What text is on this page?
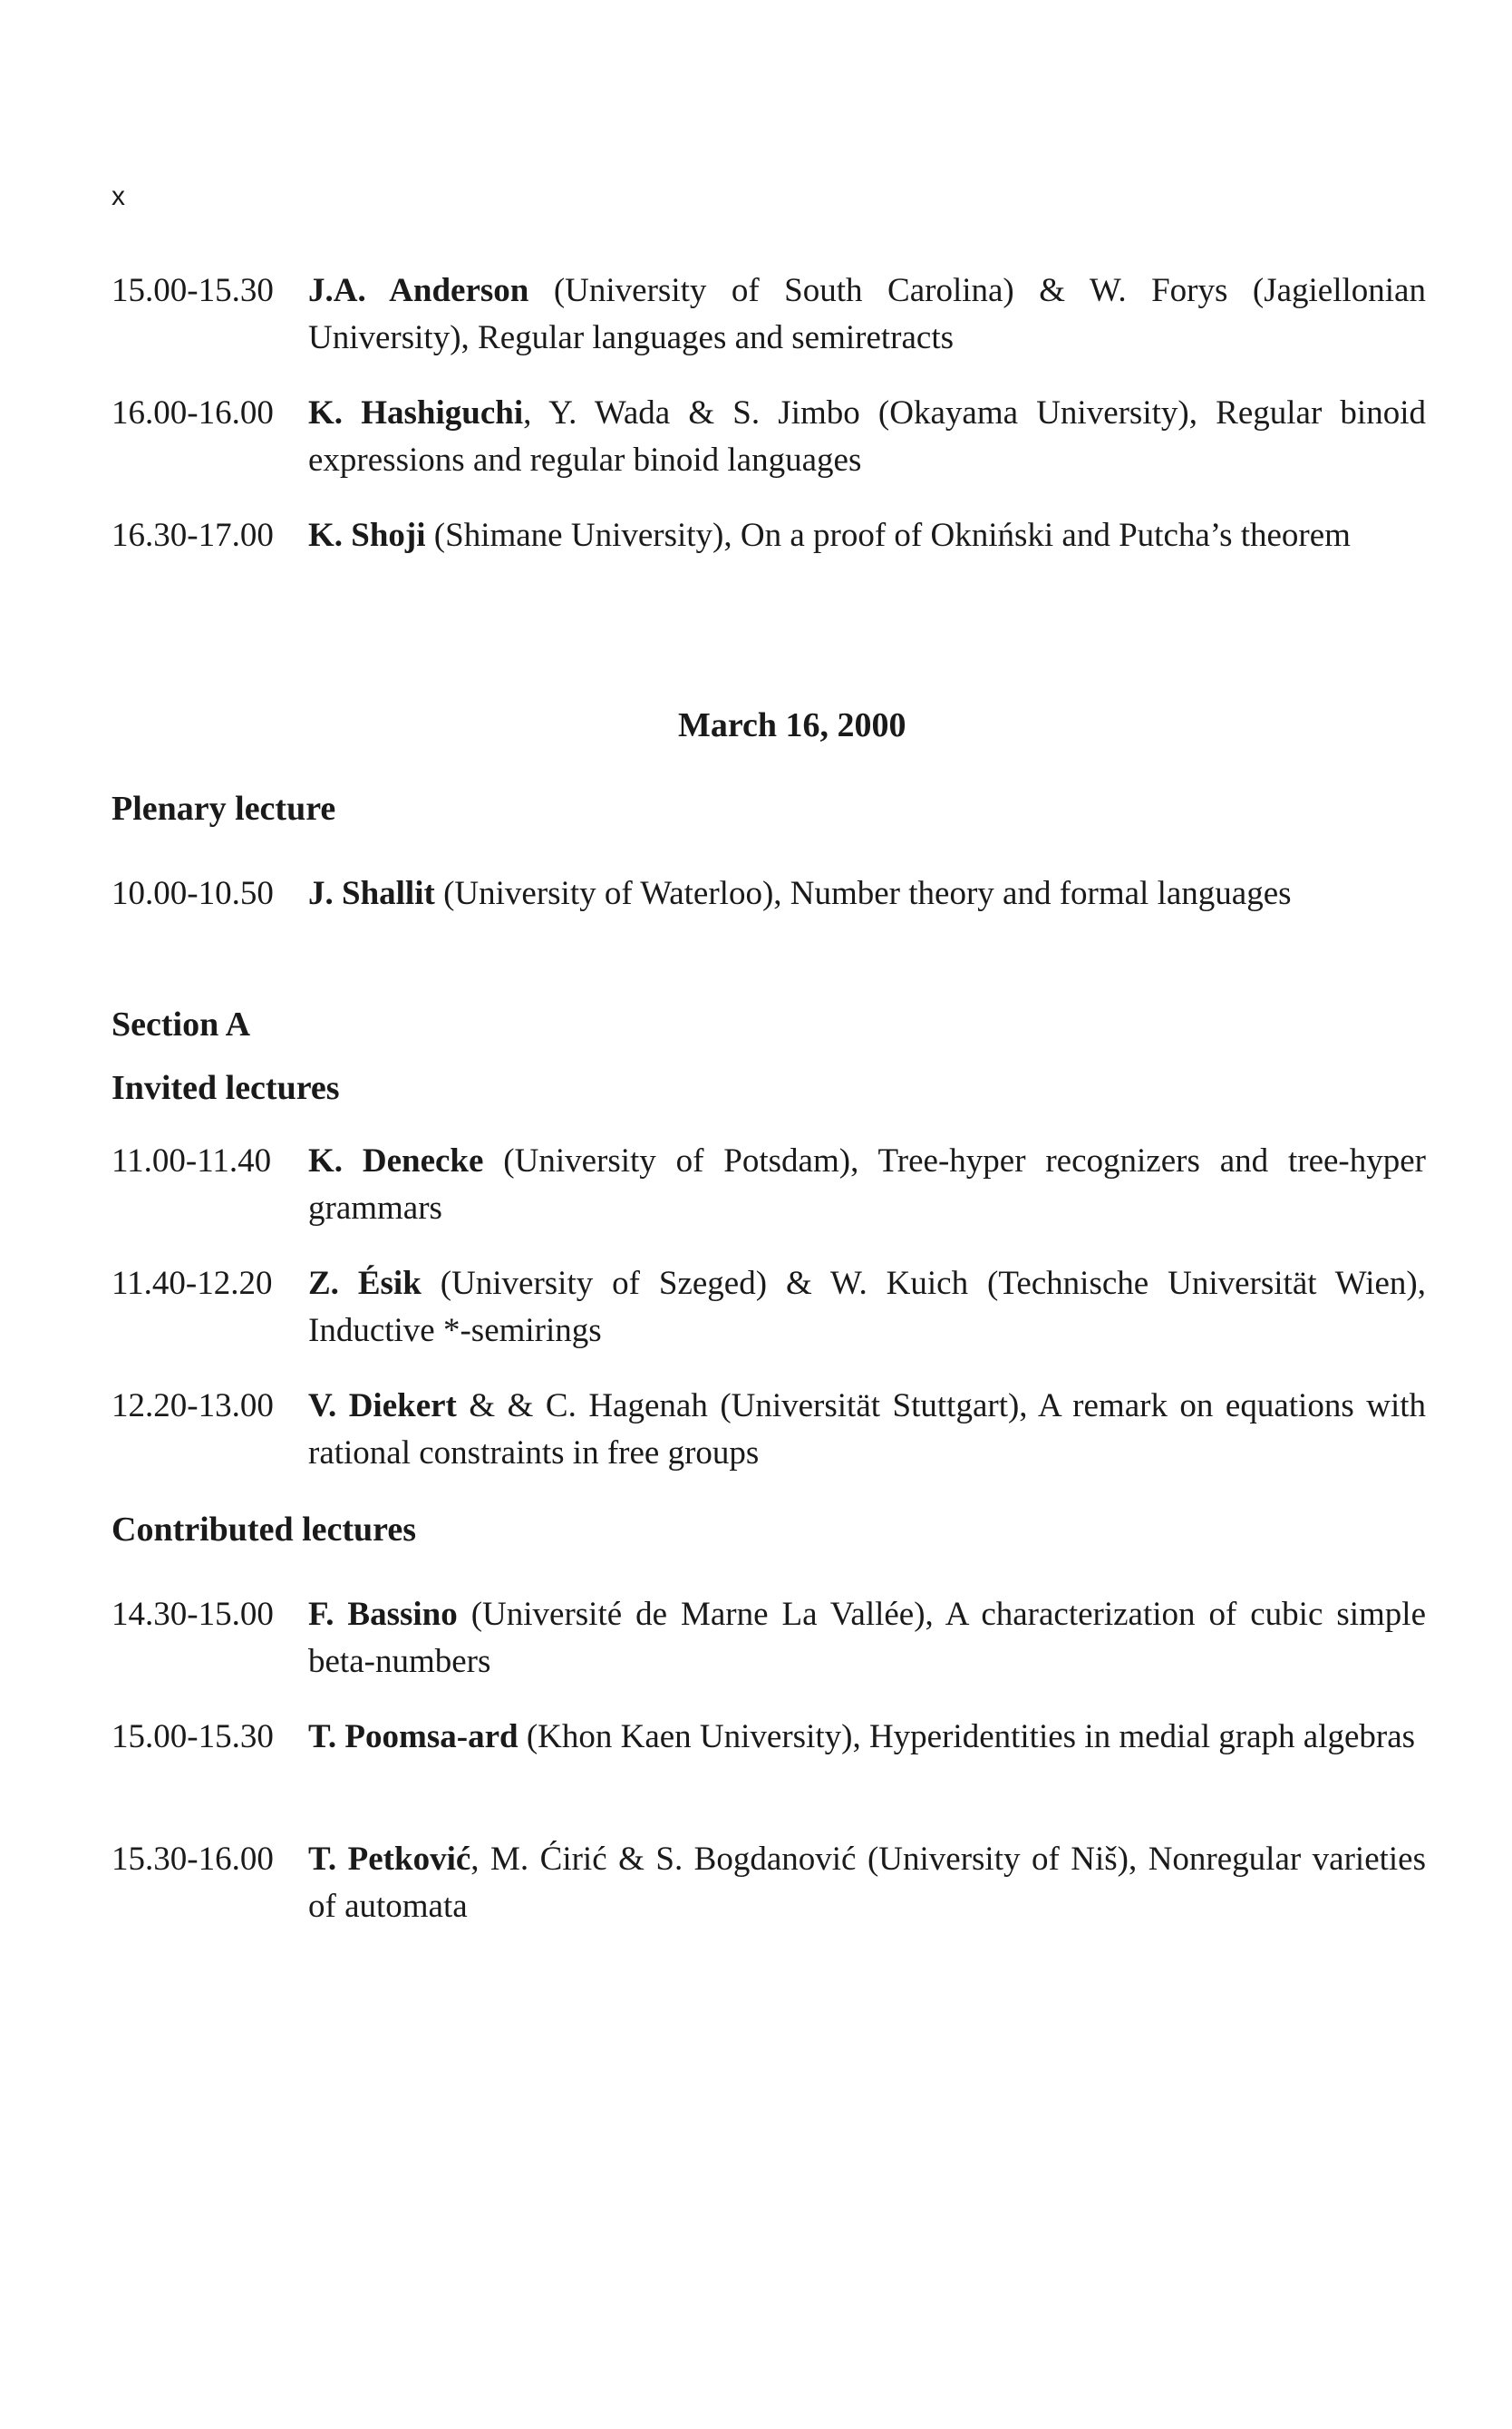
x
15.00-15.30	J.A. Anderson (University of South Carolina) & W. Forys (Jagiellonian University), Regular languages and semiretracts
16.00-16.00	K. Hashiguchi, Y. Wada & S. Jimbo (Okayama University), Regular binoid expressions and regular binoid languages
16.30-17.00	K. Shoji (Shimane University), On a proof of Okniński and Putcha’s theorem
March 16, 2000
Plenary lecture
10.00-10.50	J. Shallit (University of Waterloo), Number theory and formal languages
Section A
Invited lectures
11.00-11.40	K. Denecke (University of Potsdam), Tree-hyper recognizers and tree-hyper grammars
11.40-12.20	Z. Ésik (University of Szeged) & W. Kuich (Technische Universität Wien), Inductive *-semirings
12.20-13.00	V. Diekert & & C. Hagenah (Universität Stuttgart), A remark on equations with rational constraints in free groups
Contributed lectures
14.30-15.00	F. Bassino (Université de Marne La Vallée), A characterization of cubic simple beta-numbers
15.00-15.30	T. Poomsa-ard (Khon Kaen University), Hyperidentities in medial graph algebras
15.30-16.00	T. Petković, M. Ćirić & S. Bogdanović (University of Niš), Nonregular varieties of automata
